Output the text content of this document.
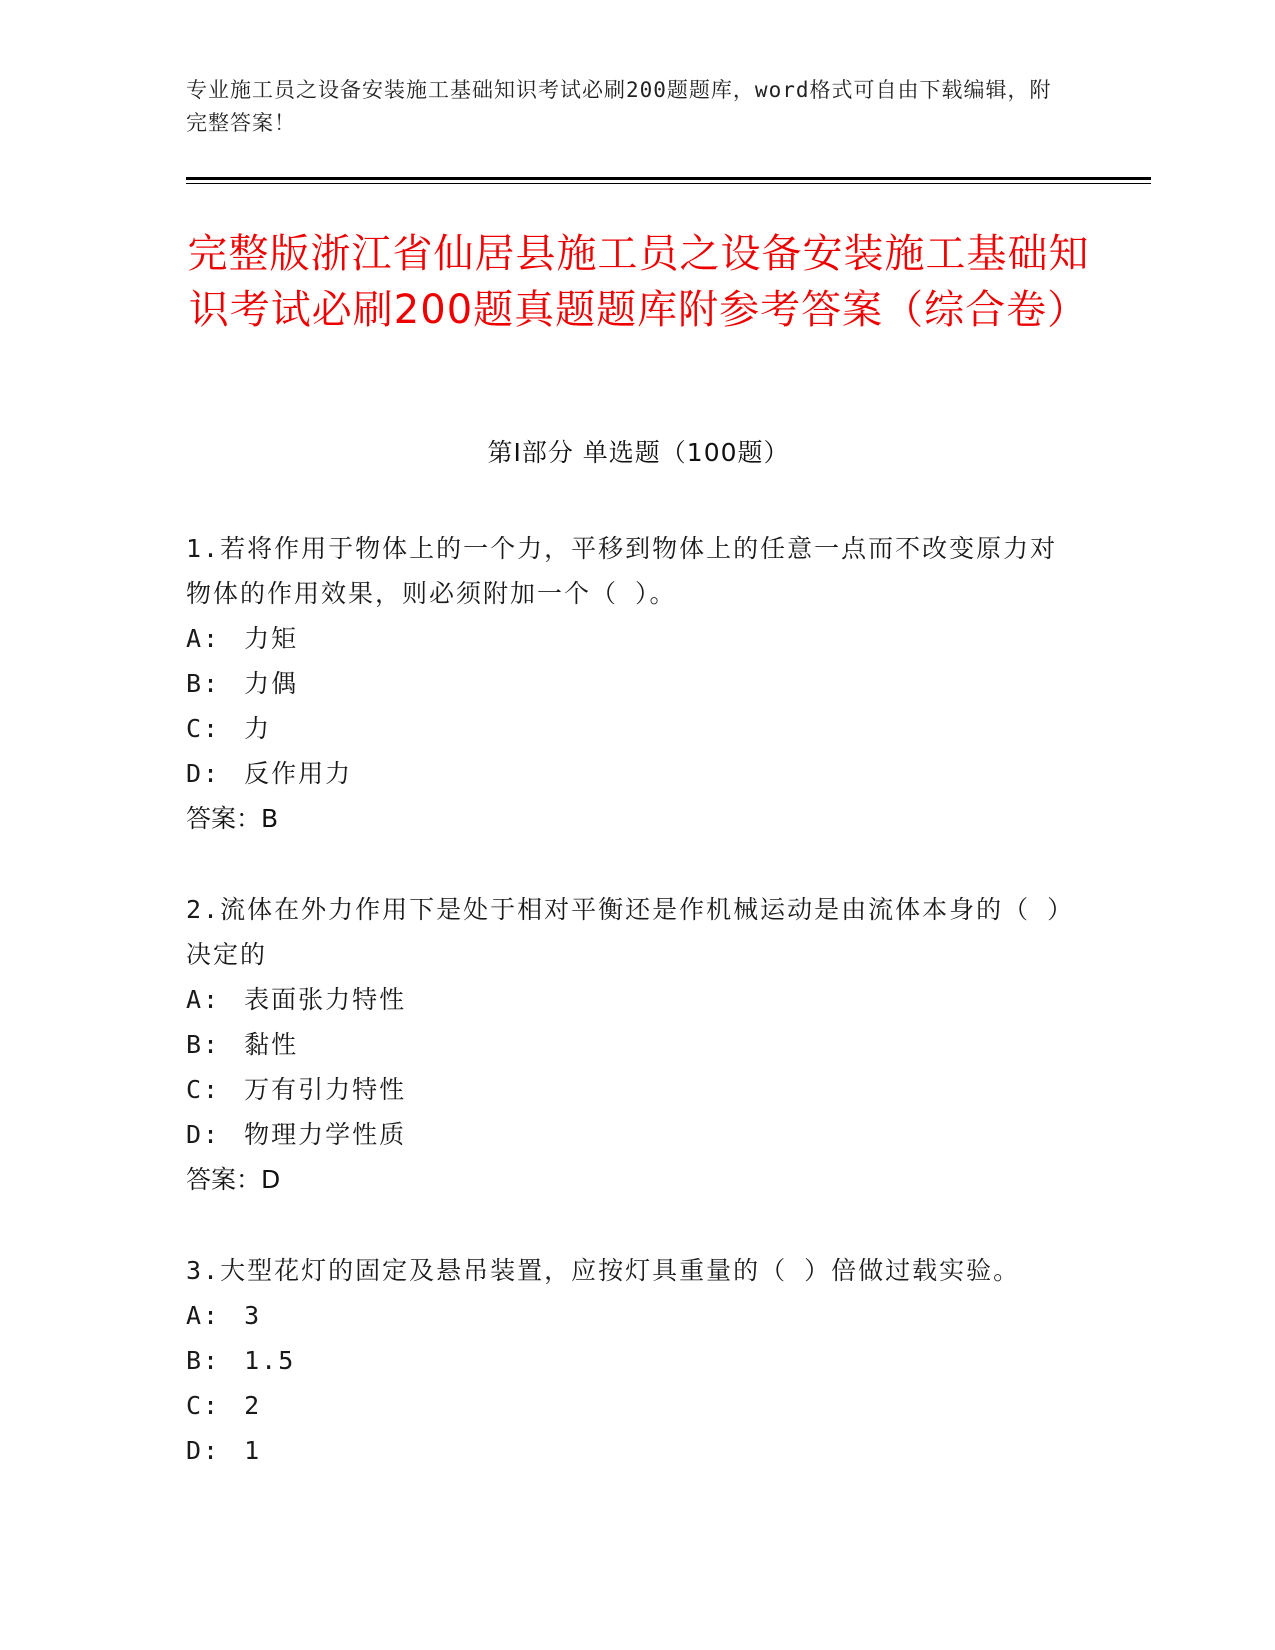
专业施工员之设备安装施工基础知识考试必刷200题题库，word格式可自由下载编辑，附完整答案！
完整版浙江省仙居县施工员之设备安装施工基础知识考试必刷200题真题题库附参考答案（综合卷）
第Ⅰ部分 单选题（100题）
1.若将作用于物体上的一个力，平移到物体上的任意一点而不改变原力对物体的作用效果，则必须附加一个（ ）。
A: 力矩
B: 力偶
C: 力
D: 反作用力
答案：B
2.流体在外力作用下是处于相对平衡还是作机械运动是由流体本身的（ ）决定的
A: 表面张力特性
B: 黏性
C: 万有引力特性
D: 物理力学性质
答案：D
3.大型花灯的固定及悬吊装置，应按灯具重量的（ ）倍做过载实验。
A: 3
B: 1.5
C: 2
D: 1
